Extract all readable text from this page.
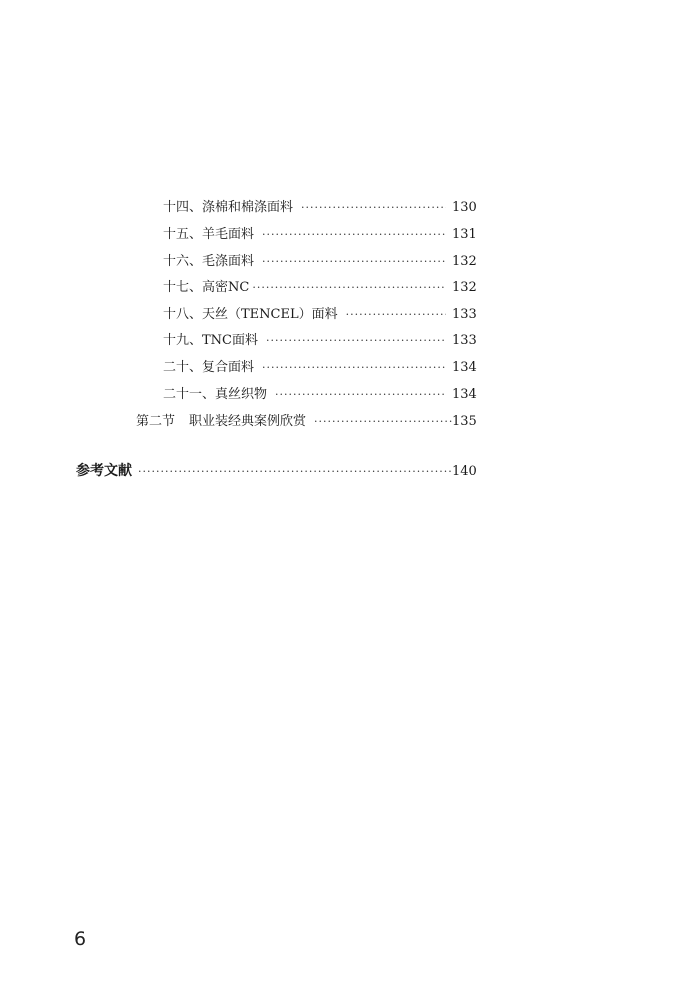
十四、涤棉和棉涤面料 ·····	130
十五、羊毛面料 ·····	131
十六、毛涤面料 ·····	132
十七、高密NC ·····	132
十八、天丝（TENCEL）面料 ·····	133
十九、TNC面料 ·····	133
二十、复合面料 ·····	134
二十一、真丝织物 ·····	134
第二节 职业装经典案例欣赏 ·····	135
参考文献 ·····	140
6
